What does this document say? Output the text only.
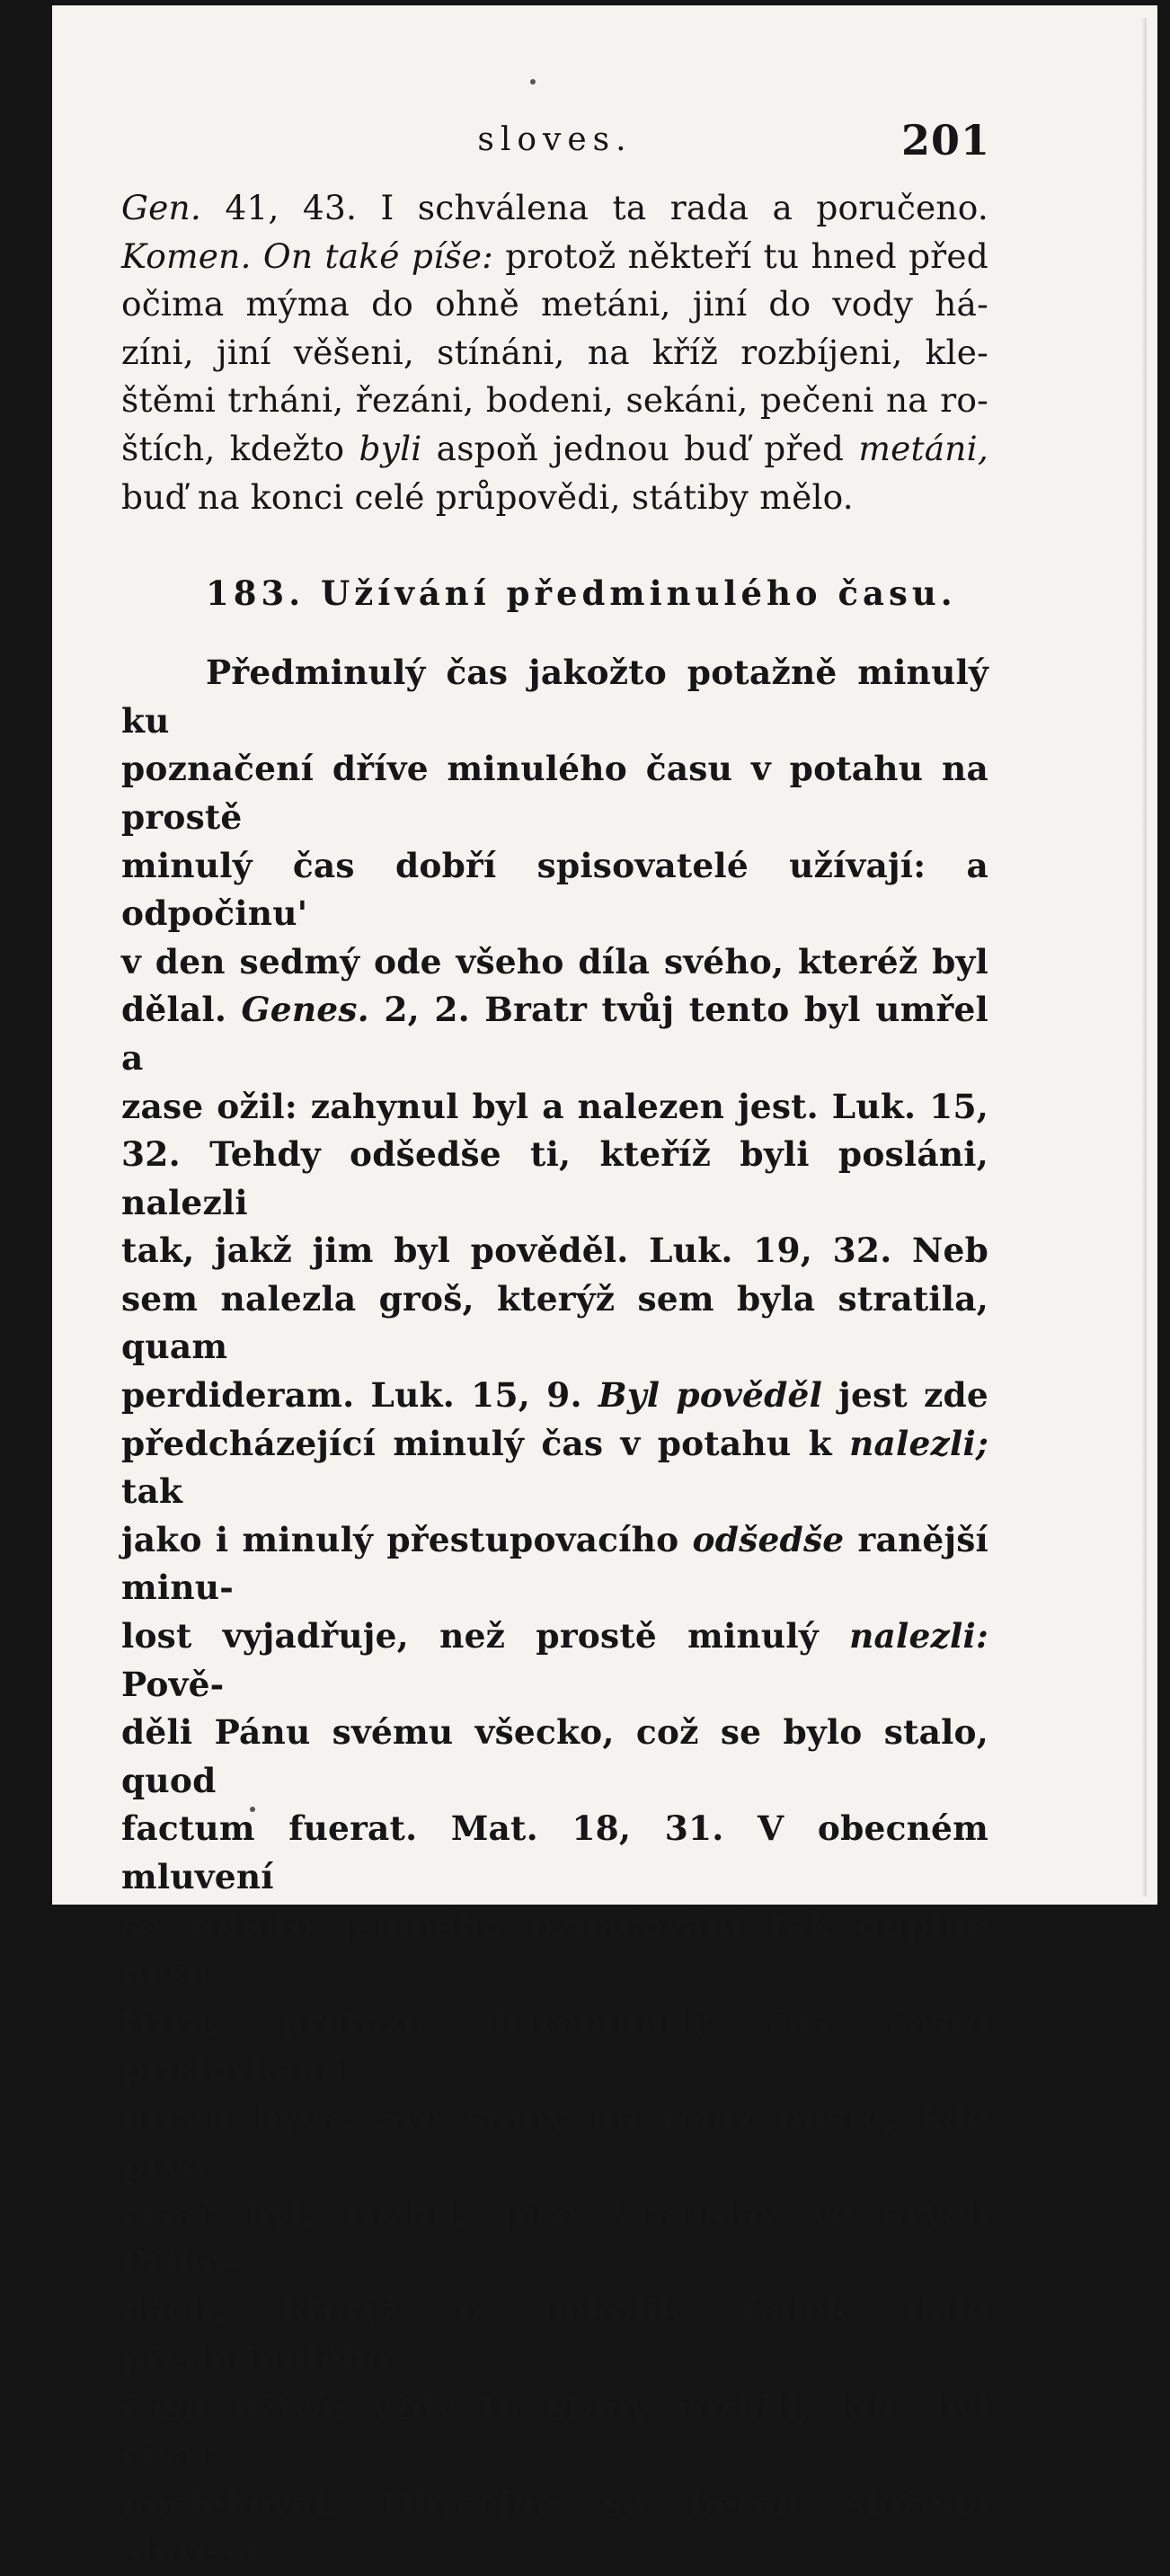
sloves.	201
Gen. 41, 43. I schválena ta rada a poručeno.
Komen. On také píše: protož někteří tu hned před
očima mýma do ohně metáni, jiní do vody há-
zíni, jiní věšeni, stínáni, na kříž rozbíjeni, kle-
štěmi trháni, řezáni, bodeni, sekáni, pečeni na ro-
štích, kdežto byli aspoň jednou buď před metáni,
buď na konci celé průpovědi, státiby mělo.
183. Užívání předminulého času.
Předminulý čas jakožto potažně minulý ku
poznačení dříve minulého času v potahu na prostě
minulý čas dobří spisovatelé užívají: a odpočinu'
v den sedmý ode všeho díla svého, kteréž byl
dělal. Genes. 2, 2. Bratr tvůj tento byl umřel a
zase ožil: zahynul byl a nalezen jest. Luk. 15,
32. Tehdy odšedše ti, kteříž byli posláni, nalezli
tak, jakž jim byl pověděl. Luk. 19, 32. Neb
sem nalezla groš, kterýž sem byla stratila, quam
perdideram. Luk. 15, 9. Byl pověděl jest zde
předcházející minulý čas v potahu k nalezli; tak
jako i minulý přestupovacího odšedše ranější minu-
lost vyjadřuje, než prostě minulý nalezli: Pově-
děli Pánu svému všecko, což se bylo stalo, quod
factum fuerat. Mat. 18, 31. V obecném mluvení
se tohoto jemného označování tak ouplně neše-
třívá, protože dříveminulý čas často příslovkami
určen bývá. Své stany na témž místě, kde prvé
císař byl, rozbil, píše Vratislav ve svých Přího-
dách, kterýž o několik řádek dále předminulého
času užívá: vždy tu stany rozbili, kde byl císař
noclehoval. Obyčejně se berou složená slovesa
